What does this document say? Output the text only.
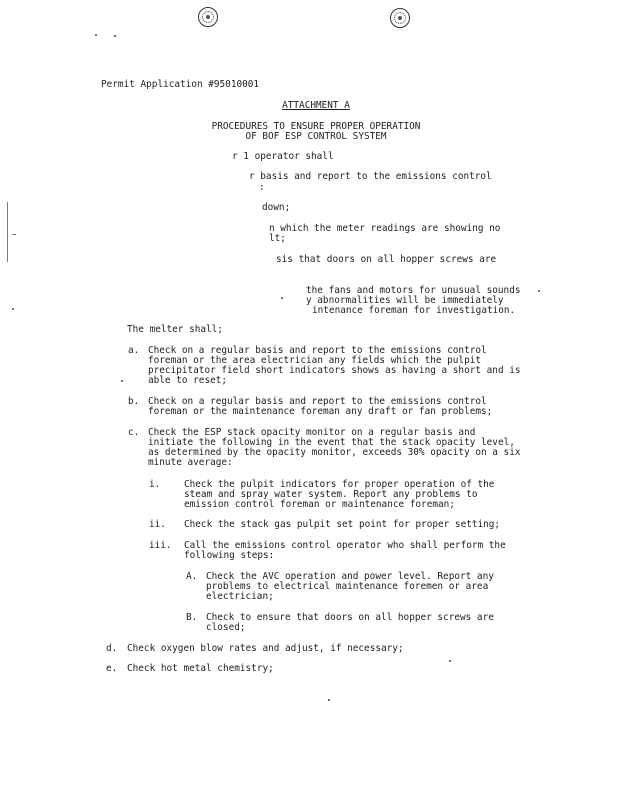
Permit Application #95010001

ATTACHMENT A

PROCEDURES TO ENSURE PROPER OPERATION

OF BOF ESP CONTROL SYSTEM

r 1 operator shall

r basis and report to the emissions control

:

down;

n which the meter readings are showing no

lt;

sis that doors on all hopper screws are

the fans and motors for unusual sounds

y abnormalities will be immediately

intenance foreman for investigation.

The melter shall;

a. Check on a regular basis and report to the emissions control

foreman or the area electrician any fields which the pulpit

precipitator field short indicators shows as having a short and is

able to reset;

b. Check on a regular basis and report to the emissions control

foreman or the maintenance foreman any draft or fan problems;

c. Check the ESP stack opacity monitor on a regular basis and

initiate the following in the event that the stack opacity level,

as determined by the opacity monitor, exceeds 30% opacity on a six

minute average:

i.	Check the pulpit indicators for proper operation of the

steam and spray water system. Report any problems to

emission control foreman or maintenance foreman;

ii. Check the stack gas pulpit set point for proper setting;

iii. Call the emissions control operator who shall perform the

following steps:

A. Check the AVC operation and power level. Report any

problems to electrical maintenance foremen or area

electrician;

B. Check to ensure that doors on all hopper screws are

closed;

d. Check oxygen blow rates and adjust, if necessary;

e. Check hot metal chemistry;
